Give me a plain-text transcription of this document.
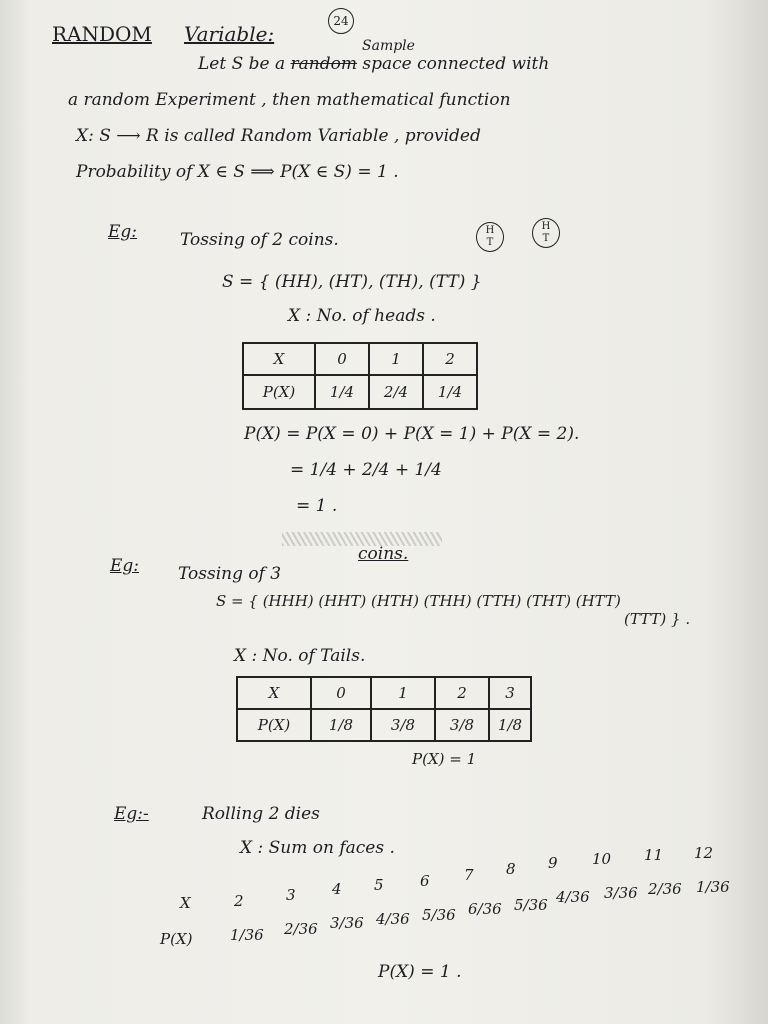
24
RANDOM Variable:	Sample
Let S be a random space connected with
a random Experiment , then mathematical function
X: S ⟶ R is called Random Variable , provided
Probability of X ∈ S ⟹ P(X ∈ S) = 1 .
Eg:	Tossing of 2 coins.	H
T
H
T
S = { (HH), (HT), (TH), (TT) }
X : No. of heads .
X	0	1	2
P(X)	1/4	2/4	1/4
P(X) = P(X = 0) + P(X = 1) + P(X = 2).
= 1/4 + 2/4 + 1/4
= 1 .
Eg: Tossing of 3
coins.
S = { (HHH) (HHT) (HTH) (THH) (TTH) (THT) (HTT)
(TTT) } .
X : No. of Tails.
X	0	1	2	3
P(X)	1/8	3/8	3/8	1/8
P(X) = 1
Eg:-	Rolling 2 dies
X : Sum on faces .
X	2	3 4 5 6 7 8 9 10 11 12
P(X)	1/36 2/36 3/36 4/36 5/36 6/36 5/36 4/36 3/36 2/36 1/36
P(X) = 1 .
